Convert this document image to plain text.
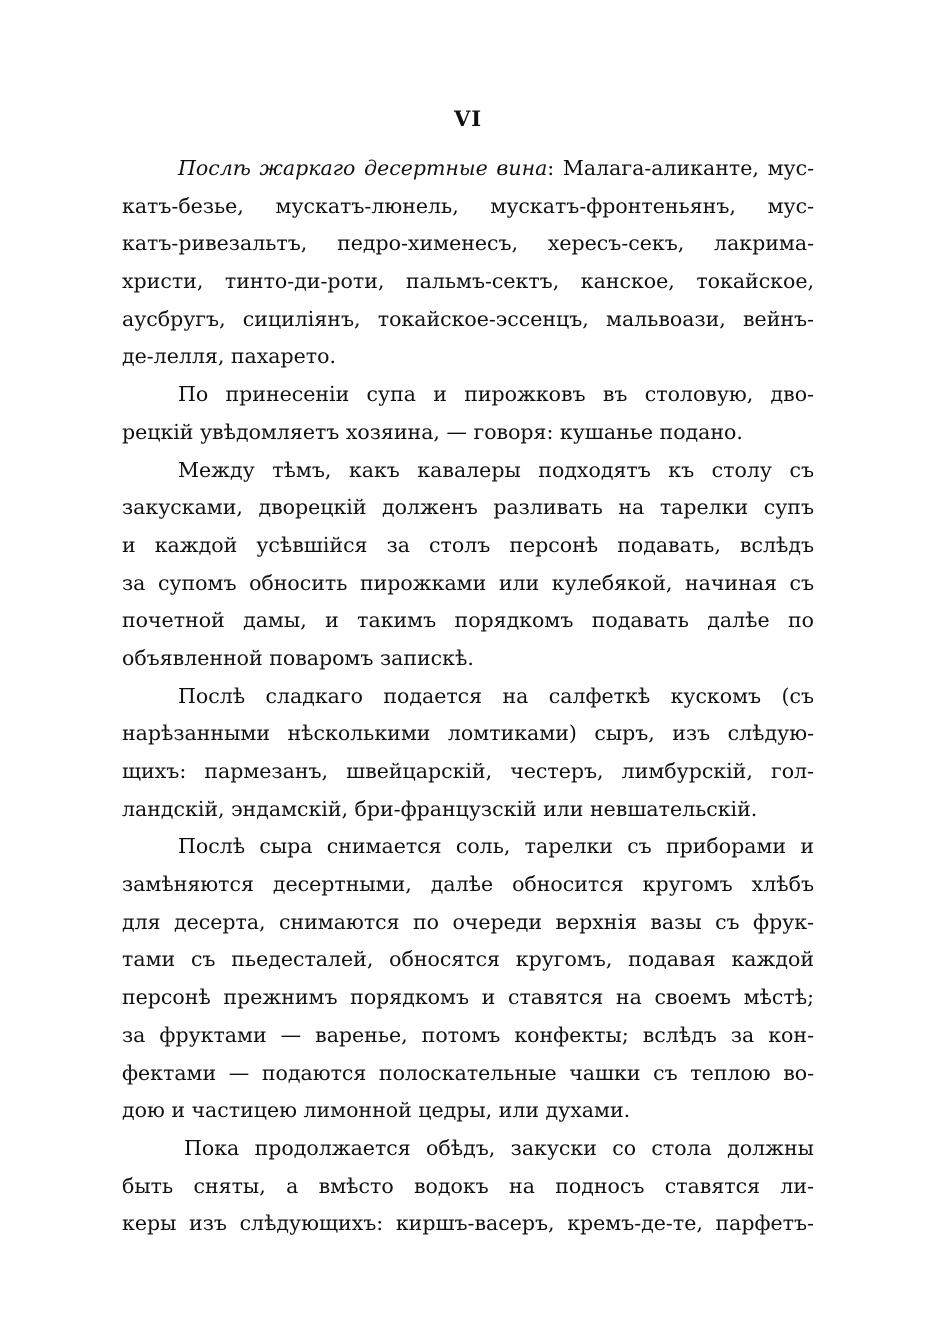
VI
Послѣ жаркаго десертные вина: Малага-аликанте, мус-
катъ-безье, мускатъ-люнель, мускатъ-фронтеньянъ, мус-
катъ-ривезальтъ, педро-хименесъ, хересъ-секъ, лакрима-
христи, тинто-ди-роти, пальмъ-сектъ, канское, токайское,
аусбругъ, сициліянъ, токайское-эссенцъ, мальвоази, вейнъ-
де-лелля, пахарето.
По принесеніи супа и пирожковъ въ столовую, дво-
рецкій увѣдомляетъ хозяина, — говоря: кушанье подано.
Между тѣмъ, какъ кавалеры подходятъ къ столу съ
закусками, дворецкій долженъ разливать на тарелки супъ
и каждой усѣвшійся за столъ персонѣ подавать, вслѣдъ
за супомъ обносить пирожками или кулебякой, начиная съ
почетной дамы, и такимъ порядкомъ подавать далѣе по
объявленной поваромъ запискѣ.
Послѣ сладкаго подается на салфеткѣ кускомъ (съ
нарѣзанными нѣсколькими ломтиками) сыръ, изъ слѣдую-
щихъ: пармезанъ, швейцарскій, честеръ, лимбурскій, гол-
ландскій, эндамскій, бри-французскій или невшательскій.
Послѣ сыра снимается соль, тарелки съ приборами и
замѣняются десертными, далѣе обносится кругомъ хлѣбъ
для десерта, снимаются по очереди верхнія вазы съ фрук-
тами съ пьедесталей, обносятся кругомъ, подавая каждой
персонѣ прежнимъ порядкомъ и ставятся на своемъ мѣстѣ;
за фруктами — варенье, потомъ конфекты; вслѣдъ за кон-
фектами — подаются полоскательные чашки съ теплою во-
дою и частицею лимонной цедры, или духами.
Пока продолжается обѣдъ, закуски со стола должны
быть сняты, а вмѣсто водокъ на подносъ ставятся ли-
керы изъ слѣдующихъ: киршъ-васеръ, кремъ-де-те, парфетъ-
